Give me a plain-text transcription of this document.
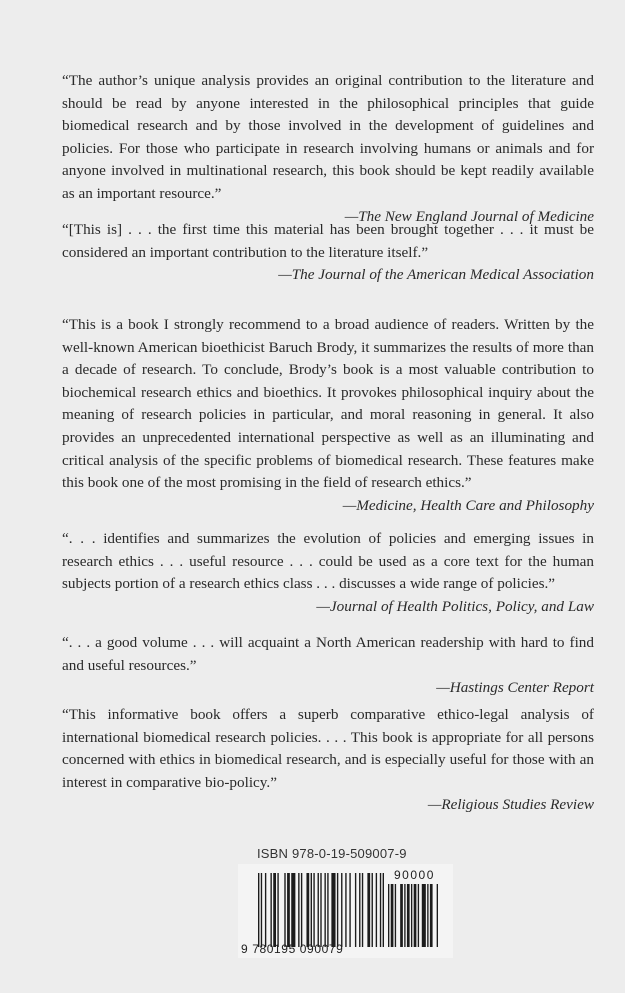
“The author’s unique analysis provides an original contribution to the literature and should be read by anyone interested in the philosophical principles that guide biomedical research and by those involved in the development of guidelines and policies. For those who participate in research involving humans or animals and for anyone involved in multinational research, this book should be kept readily available as an important resource.”

—The New England Journal of Medicine

“[This is] . . . the first time this material has been brought together . . . it must be considered an important contribution to the literature itself.”

—The Journal of the American Medical Association

“This is a book I strongly recommend to a broad audience of readers. Written by the well-known American bioethicist Baruch Brody, it summarizes the results of more than a decade of research. To conclude, Brody’s book is a most valuable contribution to biochemical research ethics and bioethics. It provokes philosophical inquiry about the meaning of research policies in particular, and moral reasoning in general. It also provides an unprecedented international perspective as well as an illuminating and critical analysis of the specific problems of biomedical research. These features make this book one of the most promising in the field of research ethics.”

—Medicine, Health Care and Philosophy

“. . . identifies and summarizes the evolution of policies and emerging issues in research ethics . . . useful resource . . . could be used as a core text for the human subjects portion of a research ethics class . . . discusses a wide range of policies.”

—Journal of Health Politics, Policy, and Law

“. . . a good volume . . . will acquaint a North American readership with hard to find and useful resources.”

—Hastings Center Report

“This informative book offers a superb comparative ethico-legal analysis of international biomedical research policies. . . . This book is appropriate for all persons concerned with ethics in biomedical research, and is especially useful for those with an interest in comparative bio-policy.”

—Religious Studies Review

ISBN 978-0-19-509007-9
90000
9 780195 090079
